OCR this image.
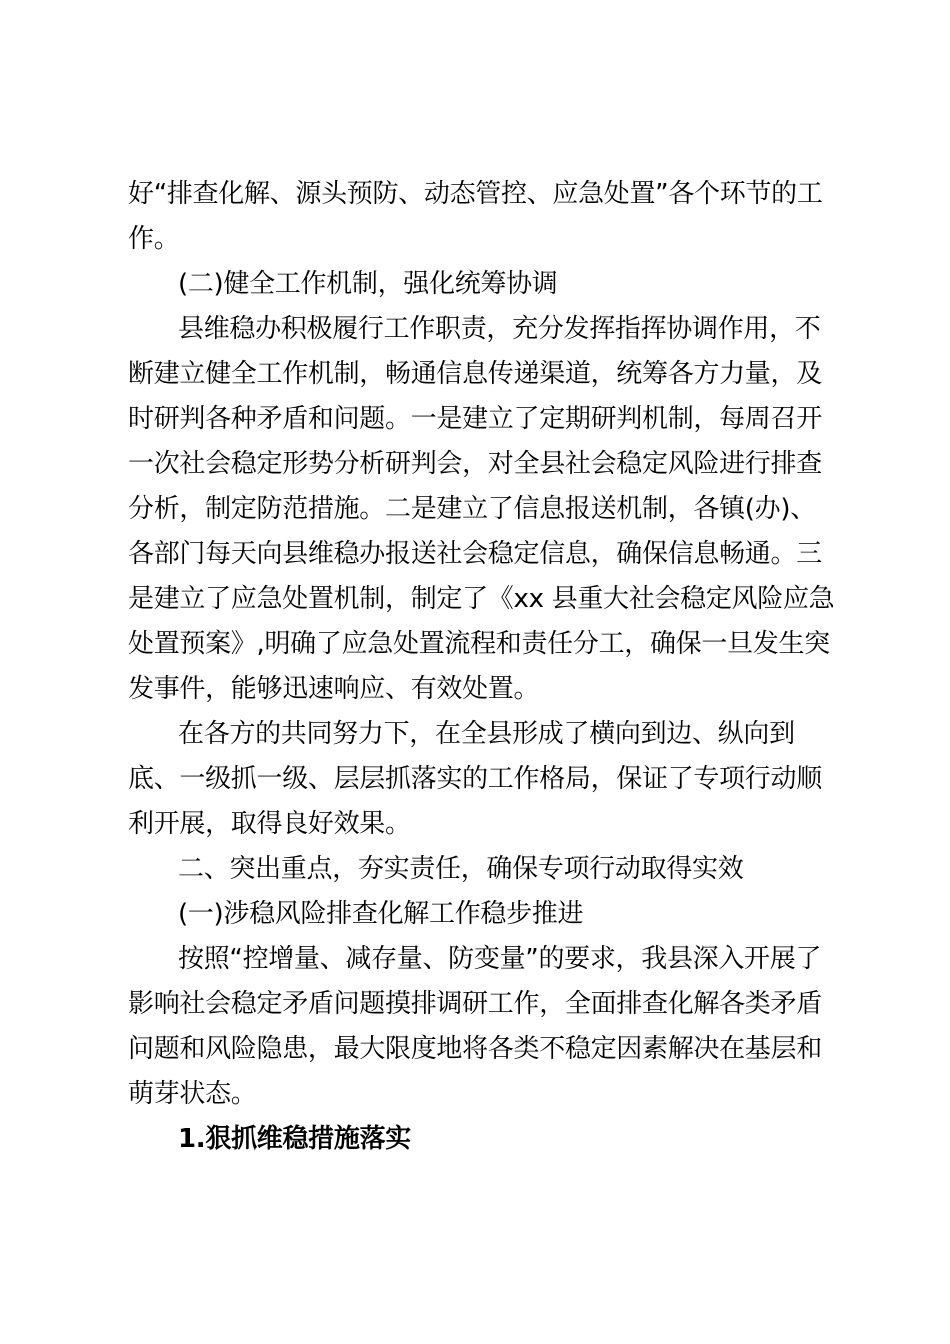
好“排查化解、源头预防、动态管控、应急处置”各个环节的工
作。
(二)健全工作机制，强化统筹协调
县维稳办积极履行工作职责，充分发挥指挥协调作用，不
断建立健全工作机制，畅通信息传递渠道，统筹各方力量，及
时研判各种矛盾和问题。一是建立了定期研判机制，每周召开
一次社会稳定形势分析研判会，对全县社会稳定风险进行排查
分析，制定防范措施。二是建立了信息报送机制，各镇(办)、
各部门每天向县维稳办报送社会稳定信息，确保信息畅通。三
是建立了应急处置机制，制定了《xx 县重大社会稳定风险应急
处置预案》,明确了应急处置流程和责任分工，确保一旦发生突
发事件，能够迅速响应、有效处置。
在各方的共同努力下，在全县形成了横向到边、纵向到
底、一级抓一级、层层抓落实的工作格局，保证了专项行动顺
利开展，取得良好效果。
二、突出重点，夯实责任，确保专项行动取得实效
(一)涉稳风险排查化解工作稳步推进
按照“控增量、减存量、防变量”的要求，我县深入开展了
影响社会稳定矛盾问题摸排调研工作，全面排查化解各类矛盾
问题和风险隐患，最大限度地将各类不稳定因素解决在基层和
萌芽状态。
1.狠抓维稳措施落实
